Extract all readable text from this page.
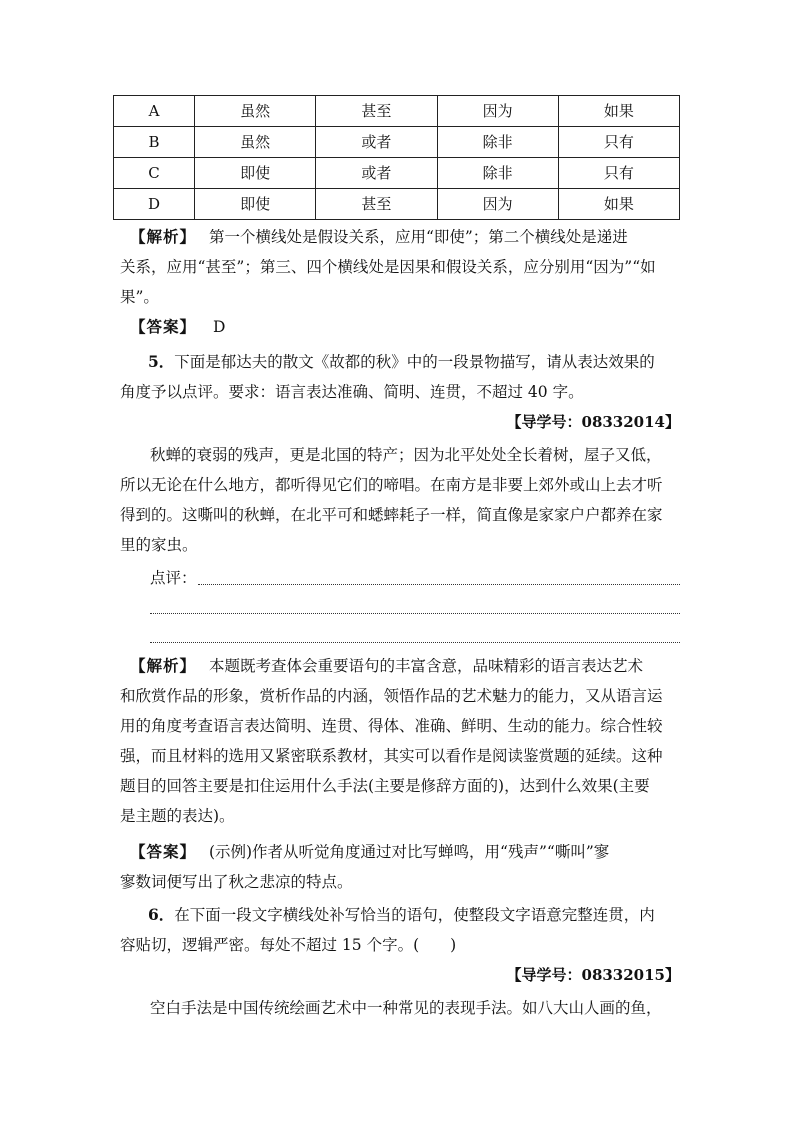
A	虽然	甚至	因为	如果
B	虽然	或者	除非	只有
C	即使	或者	除非	只有
D	即使	甚至	因为	如果
【解析】 第一个横线处是假设关系，应用“即使”；第二个横线处是递进
关系，应用“甚至”；第三、四个横线处是因果和假设关系，应分别用“因为”“如
果”。
【答案】 D
5．下面是郁达夫的散文《故都的秋》中的一段景物描写，请从表达效果的
角度予以点评。要求：语言表达准确、简明、连贯，不超过 40 字。
【导学号：08332014】
秋蝉的衰弱的残声，更是北国的特产；因为北平处处全长着树，屋子又低，
所以无论在什么地方，都听得见它们的啼唱。在南方是非要上郊外或山上去才听
得到的。这嘶叫的秋蝉，在北平可和蟋蟀耗子一样，简直像是家家户户都养在家
里的家虫。
点评：
【解析】 本题既考查体会重要语句的丰富含意，品味精彩的语言表达艺术
和欣赏作品的形象，赏析作品的内涵，领悟作品的艺术魅力的能力，又从语言运
用的角度考查语言表达简明、连贯、得体、准确、鲜明、生动的能力。综合性较
强，而且材料的选用又紧密联系教材，其实可以看作是阅读鉴赏题的延续。这种
题目的回答主要是扣住运用什么手法(主要是修辞方面的)，达到什么效果(主要
是主题的表达)。
【答案】 (示例)作者从听觉角度通过对比写蝉鸣，用“残声”“嘶叫”寥
寥数词便写出了秋之悲凉的特点。
6．在下面一段文字横线处补写恰当的语句，使整段文字语意完整连贯，内
容贴切，逻辑严密。每处不超过 15 个字。(　　)
【导学号：08332015】
空白手法是中国传统绘画艺术中一种常见的表现手法。如八大山人画的鱼，
